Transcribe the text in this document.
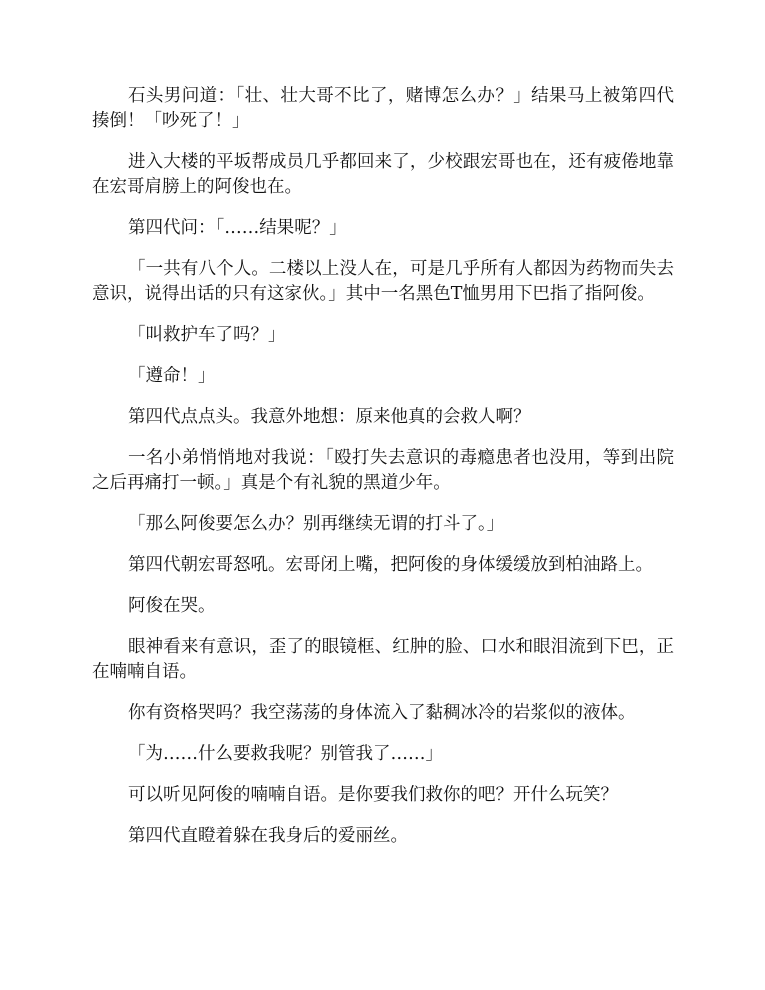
石头男问道：「壮、壮大哥不比了，赌博怎么办？」结果马上被第四代揍倒！「吵死了！」

进入大楼的平坂帮成员几乎都回来了，少校跟宏哥也在，还有疲倦地靠在宏哥肩膀上的阿俊也在。

第四代问：「……结果呢？」

「一共有八个人。二楼以上没人在，可是几乎所有人都因为药物而失去意识，说得出话的只有这家伙。」其中一名黑色T恤男用下巴指了指阿俊。

「叫救护车了吗？」

「遵命！」

第四代点点头。我意外地想：原来他真的会救人啊？

一名小弟悄悄地对我说：「殴打失去意识的毒瘾患者也没用，等到出院之后再痛打一顿。」真是个有礼貌的黑道少年。

「那么阿俊要怎么办？别再继续无谓的打斗了。」

第四代朝宏哥怒吼。宏哥闭上嘴，把阿俊的身体缓缓放到柏油路上。

阿俊在哭。

眼神看来有意识，歪了的眼镜框、红肿的脸、口水和眼泪流到下巴，正在喃喃自语。

你有资格哭吗？我空荡荡的身体流入了黏稠冰冷的岩浆似的液体。

「为……什么要救我呢？别管我了……」

可以听见阿俊的喃喃自语。是你要我们救你的吧？开什么玩笑？

第四代直瞪着躲在我身后的爱丽丝。
